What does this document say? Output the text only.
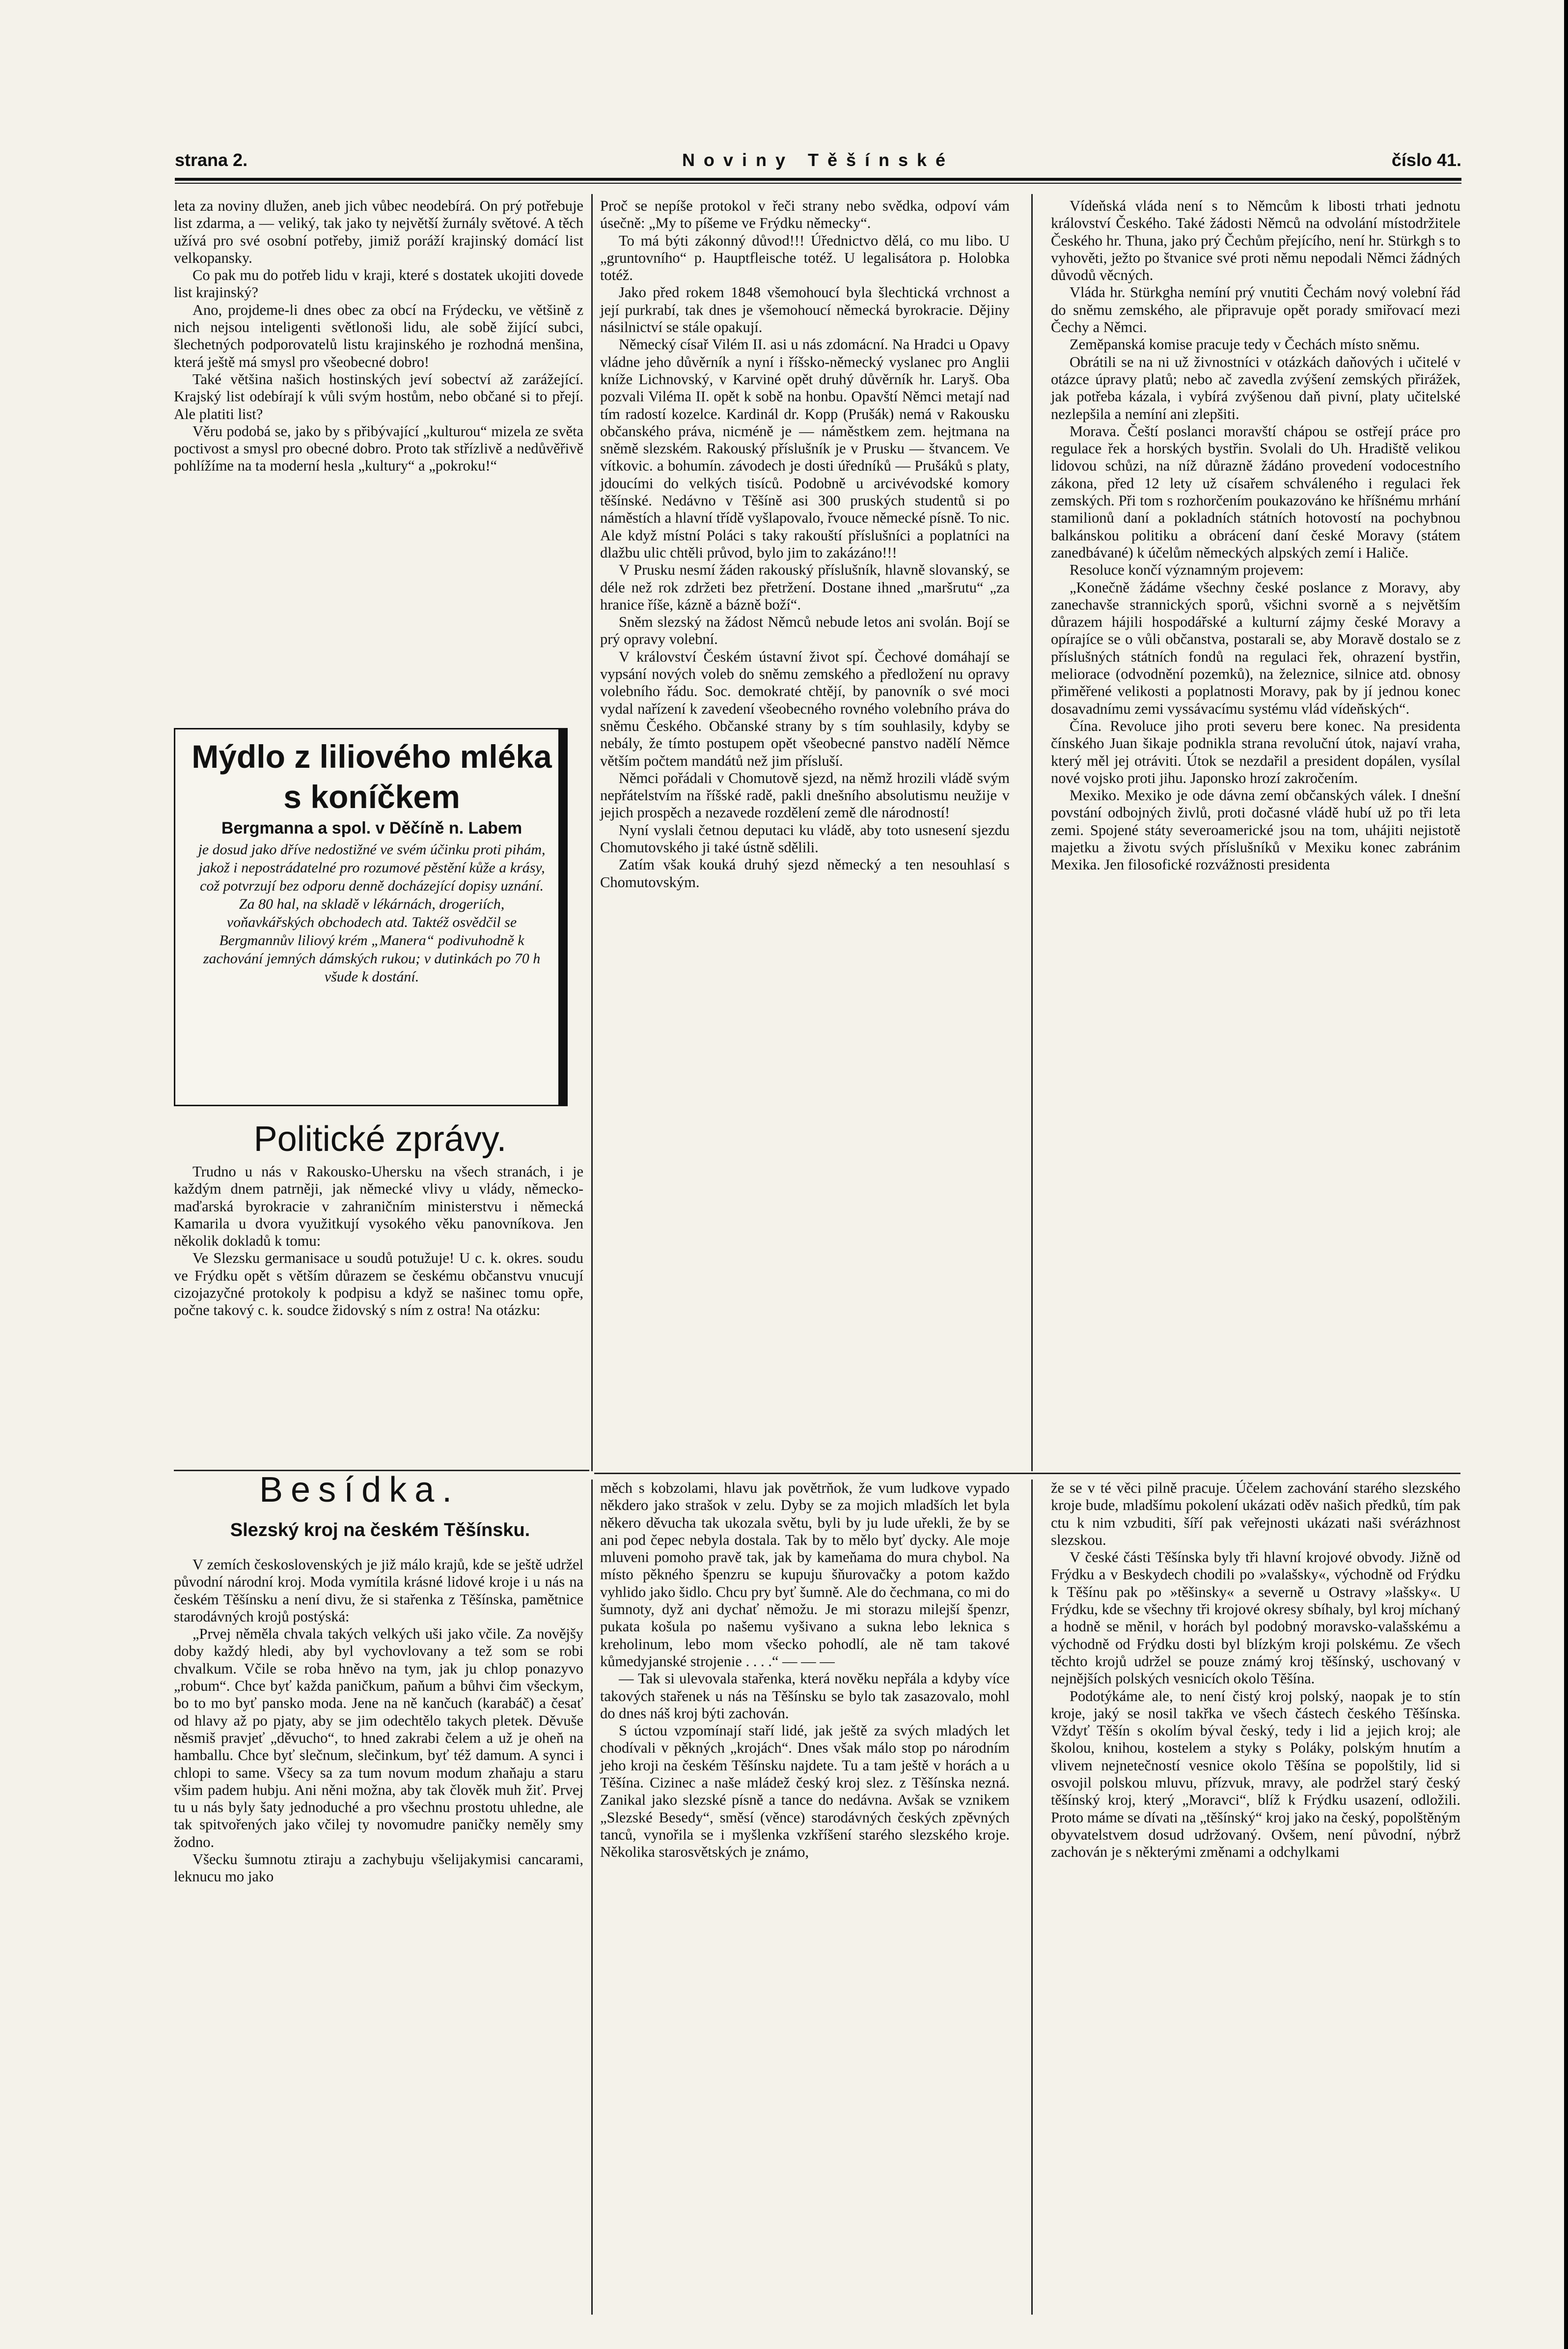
strana 2.	Noviny Těšínské	číslo 41.

leta za noviny dlužen, aneb jich vůbec neodebírá. On prý potřebuje list zdarma, a — veliký, tak jako ty největší žurnály světové. A těch užívá pro své osobní potřeby, jimiž poráží krajinský domácí list velkopansky.

Co pak mu do potřeb lidu v kraji, které s dostatek ukojiti dovede list krajinský?

Ano, projdeme-li dnes obec za obcí na Frýdecku, ve většině z nich nejsou inteligenti světlonoši lidu, ale sobě žijící subci, šlechetných podporovatelů listu krajinského je rozhodná menšina, která ještě má smysl pro všeobecné dobro!

Také většina našich hostinských jeví sobectví až zarážející. Krajský list odebírají k vůli svým hostům, nebo občané si to přejí. Ale platiti list?

Věru podobá se, jako by s přibývající „kulturou“ mizela ze světa poctivost a smysl pro obecné dobro. Proto tak střízlivě a nedůvěřivě pohlížíme na ta moderní hesla „kultury“ a „pokroku!“

Mýdlo z liliového mléka s koníčkem
Bergmanna a spol. v Děčíně n. Labem
je dosud jako dříve nedostižné ve svém účinku proti pihám, jakož i nepostrádatelné pro rozumové pěstění kůže a krásy, což potvrzují bez odporu denně docházející dopisy uznání. Za 80 hal, na skladě v lékárnách, drogeriích, voňavkářských obchodech atd. Taktéž osvědčil se Bergmannův liliový krém „Manera“ podivuhodně k zachování jemných dámských rukou; v dutinkách po 70 h všude k dostání.
Politické zprávy.

Trudno u nás v Rakousko-Uhersku na všech stranách, i je každým dnem patrněji, jak německé vlivy u vlády, německo-maďarská byrokracie v zahraničním ministerstvu i německá Kamarila u dvora využitkují vysokého věku panovníkova. Jen několik dokladů k tomu:

Ve Slezsku germanisace u soudů potužuje! U c. k. okres. soudu ve Frýdku opět s větším důrazem se českému občanstvu vnucují cizojazyčné protokoly k podpisu a když se našinec tomu opře, počne takový c. k. soudce židovský s ním z ostra! Na otázku:

Proč se nepíše protokol v řeči strany nebo svědka, odpoví vám úsečně: „My to píšeme ve Frýdku německy“.

To má býti zákonný důvod!!! Úřednictvo dělá, co mu libo. U „gruntovního“ p. Hauptfleische totéž. U legalisátora p. Holobka totéž.

Jako před rokem 1848 všemohoucí byla šlechtická vrchnost a její purkrabí, tak dnes je všemohoucí německá byrokracie. Dějiny násilnictví se stále opakují.

Německý císař Vilém II. asi u nás zdomácní. Na Hradci u Opavy vládne jeho důvěrník a nyní i říšsko-německý vyslanec pro Anglii kníže Lichnovský, v Karviné opět druhý důvěrník hr. Laryš. Oba pozvali Viléma II. opět k sobě na honbu. Opavští Němci metají nad tím radostí kozelce. Kardinál dr. Kopp (Prušák) nemá v Rakousku občanského práva, nicméně je — náměstkem zem. hejtmana na sněmě slezském. Rakouský příslušník je v Prusku — štvancem. Ve vítkovic. a bohumín. závodech je dosti úředníků — Prušáků s platy, jdoucími do velkých tisíců. Podobně u arcivévodské komory těšínské. Nedávno v Těšíně asi 300 pruských studentů si po náměstích a hlavní třídě vyšlapovalo, řvouce německé písně. To nic. Ale když místní Poláci s taky rakouští příslušníci a poplatníci na dlažbu ulic chtěli průvod, bylo jim to zakázáno!!!

V Prusku nesmí žáden rakouský příslušník, hlavně slovanský, se déle než rok zdržeti bez přetržení. Dostane ihned „maršrutu“ „za hranice říše, kázně a bázně boží“.

Sněm slezský na žádost Němců nebude letos ani svolán. Bojí se prý opravy volební.

V království Českém ústavní život spí. Čechové domáhají se vypsání nových voleb do sněmu zemského a předložení nu opravy volebního řádu. Soc. demokraté chtějí, by panovník o své moci vydal nařízení k zavedení všeobecného rovného volebního práva do sněmu Českého. Občanské strany by s tím souhlasily, kdyby se nebály, že tímto postupem opět všeobecné panstvo nadělí Němce větším počtem mandátů než jim přísluší.

Němci pořádali v Chomutově sjezd, na němž hrozili vládě svým nepřátelstvím na říšské radě, pakli dnešního absolutismu neužije v jejich prospěch a nezavede rozdělení země dle národností!

Nyní vyslali četnou deputaci ku vládě, aby toto usnesení sjezdu Chomutovského ji také ústně sdělili.

Zatím však kouká druhý sjezd německý a ten nesouhlasí s Chomutovským.

Vídeňská vláda není s to Němcům k libosti trhati jednotu království Českého. Také žádosti Němců na odvolání místodržitele Českého hr. Thuna, jako prý Čechům přejícího, není hr. Stürkgh s to vyhověti, ježto po štvanice své proti němu nepodali Němci žádných důvodů věcných.

Vláda hr. Stürkgha nemíní prý vnutiti Čechám nový volební řád do sněmu zemského, ale připravuje opět porady smiřovací mezi Čechy a Němci.

Zeměpanská komise pracuje tedy v Čechách místo sněmu.

Obrátili se na ni už živnostníci v otázkách daňových i učitelé v otázce úpravy platů; nebo ač zavedla zvýšení zemských přirážek, jak potřeba kázala, i vybírá zvýšenou daň pivní, platy učitelské nezlepšila a nemíní ani zlepšiti.

Morava. Čeští poslanci moravští chápou se ostřejí práce pro regulace řek a horských bystřin. Svolali do Uh. Hradiště velikou lidovou schůzi, na níž důrazně žádáno provedení vodocestního zákona, před 12 lety už císařem schváleného i regulaci řek zemských. Při tom s rozhorčením poukazováno ke hříšnému mrhání stamilionů daní a pokladních státních hotovostí na pochybnou balkánskou politiku a obrácení daní české Moravy (státem zanedbávané) k účelům německých alpských zemí i Haliče.

Resoluce končí významným projevem:

„Konečně žádáme všechny české poslance z Moravy, aby zanechavše strannických sporů, všichni svorně a s největším důrazem hájili hospodářské a kulturní zájmy české Moravy a opírajíce se o vůli občanstva, postarali se, aby Moravě dostalo se z příslušných státních fondů na regulaci řek, ohrazení bystřin, meliorace (odvodnění pozemků), na železnice, silnice atd. obnosy přiměřené velikosti a poplatnosti Moravy, pak by jí jednou konec dosavadnímu zemi vyssávacímu systému vlád vídeňských“.

Čína. Revoluce jiho proti severu bere konec. Na presidenta čínského Juan šikaje podnikla strana revoluční útok, najaví vraha, který měl jej otráviti. Útok se nezdařil a president dopálen, vysílal nové vojsko proti jihu. Japonsko hrozí zakročením.

Mexiko. Mexiko je ode dávna zemí občanských válek. I dnešní povstání odbojných živlů, proti dočasné vládě hubí už po tři leta zemi. Spojené státy severoamerické jsou na tom, uhájiti nejistotě majetku a životu svých příslušníků v Mexiku konec zabránim Mexika. Jen filosofické rozvážnosti presidenta

Besídka.
Slezský kroj na českém Těšínsku.

V zemích československých je již málo krajů, kde se ještě udržel původní národní kroj. Moda vymítila krásné lidové kroje i u nás na českém Těšínsku a není divu, že si stařenka z Těšínska, pamětnice starodávných krojů postýská:

„Prvej něměla chvala takých velkých uši jako včile. Za novějšy doby každý hledi, aby byl vychovlovany a tež som se robi chvalkum. Včile se roba hněvo na tym, jak ju chlop ponazyvo „robum“. Chce byť každa paničkum, paňum a bůhvi čim všeckym, bo to mo byť pansko moda. Jene na ně kančuch (karabáč) a česať od hlavy až po pjaty, aby se jim odechtělo takych pletek. Děvuše něsmiš pravjeť „děvucho“, to hned zakrabi čelem a už je oheň na hamballu. Chce byť slečnum, slečinkum, byť též damum. A synci i chlopi to same. Všecy sa za tum novum modum zhaňaju a staru všim padem hubju. Ani něni možna, aby tak člověk muh žiť. Prvej tu u nás byly šaty jednoduché a pro všechnu prostotu uhledne, ale tak spitvořených jako včilej ty novomudre paničky neměly smy žodno.

Všecku šumnotu ztiraju a zachybuju všelijakymisi cancarami, leknucu mo jako

měch s kobzolami, hlavu jak povětrňok, že vum ludkove vypado někdero jako strašok v zelu. Dyby se za mojich mladších let byla někero děvucha tak ukozala světu, byli by ju lude uřekli, že by se ani pod čepec nebyla dostala. Tak by to mělo byť dycky. Ale moje mluveni pomoho pravě tak, jak by kameňama do mura chybol. Na místo pěkného špenzru se kupuju šňurovačky a potom každo vyhlido jako šidlo. Chcu pry byť šumně. Ale do čechmana, co mi do šumnoty, dyž ani dychať němožu. Je mi storazu milejší špenzr, pukata košula po našemu vyšivano a sukna lebo leknica s kreholinum, lebo mom všecko pohodlí, ale ně tam takové kůmedyjanské strojenie . . . .“ — — —

— Tak si ulevovala stařenka, která nověku nepřála a kdyby více takových stařenek u nás na Těšínsku se bylo tak zasazovalo, mohl do dnes náš kroj býti zachován.

S úctou vzpomínají staří lidé, jak ještě za svých mladých let chodívali v pěkných „krojách“. Dnes však málo stop po národním jeho kroji na českém Těšínsku najdete. Tu a tam ještě v horách a u Těšína. Cizinec a naše mládež český kroj slez. z Těšínska nezná. Zanikal jako slezské písně a tance do nedávna. Avšak se vznikem „Slezské Besedy“, směsí (věnce) starodávných českých zpěvných tanců, vynořila se i myšlenka vzkříšení starého slezského kroje. Několika starosvětských je známo,

že se v té věci pilně pracuje. Účelem zachování starého slezského kroje bude, mladšímu pokolení ukázati oděv našich předků, tím pak ctu k nim vzbuditi, šíří pak veřejnosti ukázati naši svérázhnost slezskou.

V české části Těšínska byly tři hlavní krojové obvody. Jižně od Frýdku a v Beskydech chodili po »valašsky«, východně od Frýdku k Těšínu pak po »těšinsky« a severně u Ostravy »lašsky«. U Frýdku, kde se všechny tři krojové okresy sbíhaly, byl kroj míchaný a hodně se měnil, v horách byl podobný moravsko-valašskému a východně od Frýdku dosti byl blízkým kroji polskému. Ze všech těchto krojů udržel se pouze známý kroj těšínský, uschovaný v nejnějších polských vesnicích okolo Těšína.

Podotýkáme ale, to není čistý kroj polský, naopak je to stín kroje, jaký se nosil takřka ve všech částech českého Těšínska. Vždyť Těšín s okolím býval český, tedy i lid a jejich kroj; ale školou, knihou, kostelem a styky s Poláky, polským hnutím a vlivem nejnetečností vesnice okolo Těšína se popolštily, lid si osvojil polskou mluvu, přízvuk, mravy, ale podržel starý český těšínský kroj, který „Moravci“, blíž k Frýdku usazení, odložili. Proto máme se dívati na „těšínský“ kroj jako na český, popolštěným obyvatelstvem dosud udržovaný. Ovšem, není původní, nýbrž zachován je s některými změnami a odchylkami
